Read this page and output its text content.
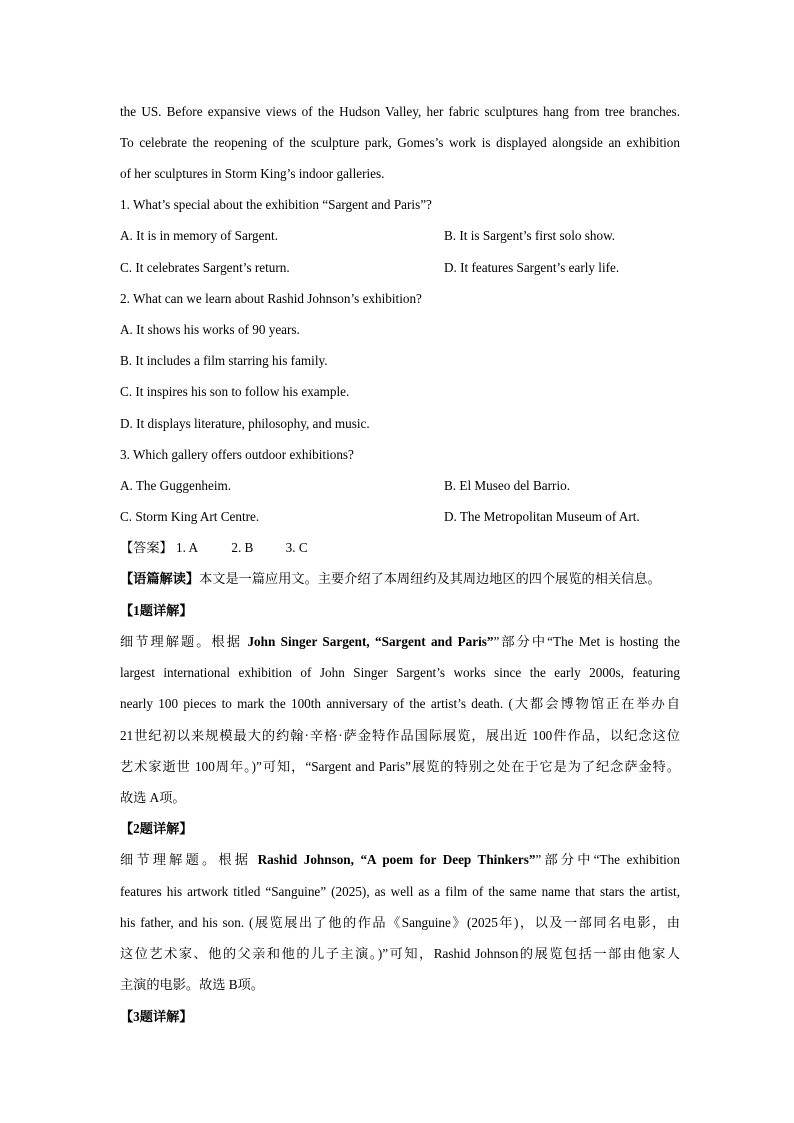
the US. Before expansive views of the Hudson Valley, her fabric sculptures hang from tree branches.
To celebrate the reopening of the sculpture park, Gomes’s work is displayed alongside an exhibition
of her sculptures in Storm King’s indoor galleries.
1. What’s special about the exhibition “Sargent and Paris”?
A. It is in memory of Sargent.	B. It is Sargent’s first solo show.
C. It celebrates Sargent’s return.	D. It features Sargent’s early life.
2. What can we learn about Rashid Johnson’s exhibition?
A. It shows his works of 90 years.
B. It includes a film starring his family.
C. It inspires his son to follow his example.
D. It displays literature, philosophy, and music.
3. Which gallery offers outdoor exhibitions?
A. The Guggenheim.	B. El Museo del Barrio.
C. Storm King Art Centre.	D. The Metropolitan Museum of Art.
【答案】 1. A	2. B 3. C
【语篇解读】本文是一篇应用文。主要介绍了本周纽约及其周边地区的四个展览的相关信息。
【1题详解】
细节理解题。根据 John Singer Sargent, “Sargent and Paris””部分中“The Met is hosting the
largest international exhibition of John Singer Sargent’s works since the early 2000s, featuring
nearly 100 pieces to mark the 100th anniversary of the artist’s death. (大都会博物馆正在举办自
21世纪初以来规模最大的约翰·辛格·萨金特作品国际展览，展出近 100件作品，以纪念这位
艺术家逝世 100周年。)”可知，“Sargent and Paris”展览的特别之处在于它是为了纪念萨金特。
故选 A项。
【2题详解】
细节理解题。根据 Rashid Johnson, “A poem for Deep Thinkers””部分中“The exhibition
features his artwork titled “Sanguine” (2025), as well as a film of the same name that stars the artist,
his father, and his son. (展览展出了他的作品《Sanguine》(2025年)，以及一部同名电影，由
这位艺术家、他的父亲和他的儿子主演。)”可知，Rashid Johnson的展览包括一部由他家人
主演的电影。故选 B项。
【3题详解】
